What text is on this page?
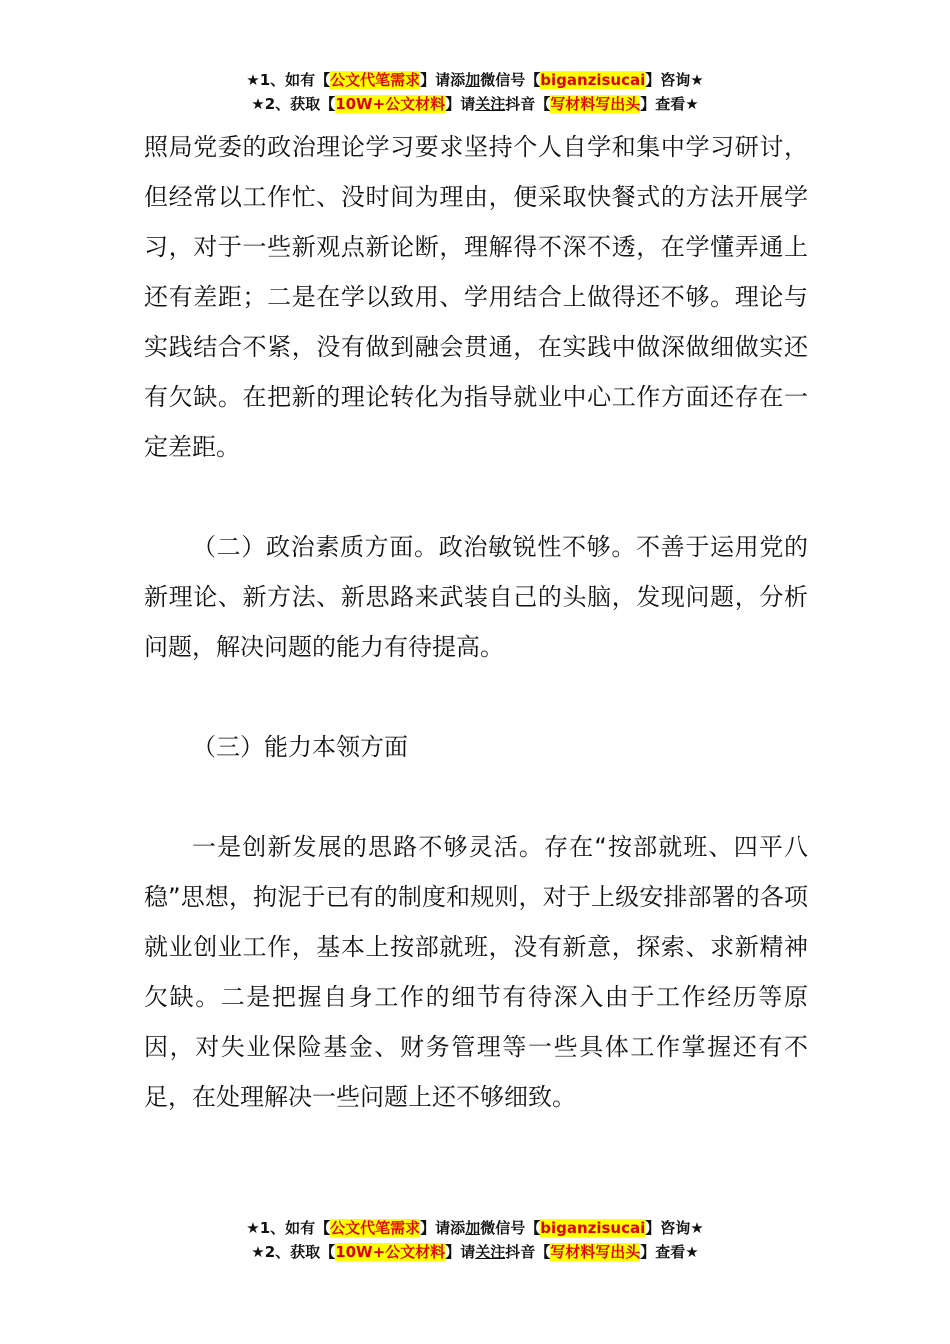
★1、如有【公文代笔需求】请添加微信号【biganzisucai】咨询★
★2、获取【10W+公文材料】请关注抖音【写材料写出头】查看★

照局党委的政治理论学习要求坚持个人自学和集中学习研讨，但经常以工作忙、没时间为理由，便采取快餐式的方法开展学习，对于一些新观点新论断，理解得不深不透，在学懂弄通上还有差距；二是在学以致用、学用结合上做得还不够。理论与实践结合不紧，没有做到融会贯通，在实践中做深做细做实还有欠缺。在把新的理论转化为指导就业中心工作方面还存在一定差距。

（二）政治素质方面。政治敏锐性不够。不善于运用党的新理论、新方法、新思路来武装自己的头脑，发现问题，分析问题，解决问题的能力有待提高。

（三）能力本领方面

一是创新发展的思路不够灵活。存在“按部就班、四平八稳”思想，拘泥于已有的制度和规则，对于上级安排部署的各项就业创业工作，基本上按部就班，没有新意，探索、求新精神欠缺。二是把握自身工作的细节有待深入由于工作经历等原因，对失业保险基金、财务管理等一些具体工作掌握还有不足，在处理解决一些问题上还不够细致。

★1、如有【公文代笔需求】请添加微信号【biganzisucai】咨询★
★2、获取【10W+公文材料】请关注抖音【写材料写出头】查看★
